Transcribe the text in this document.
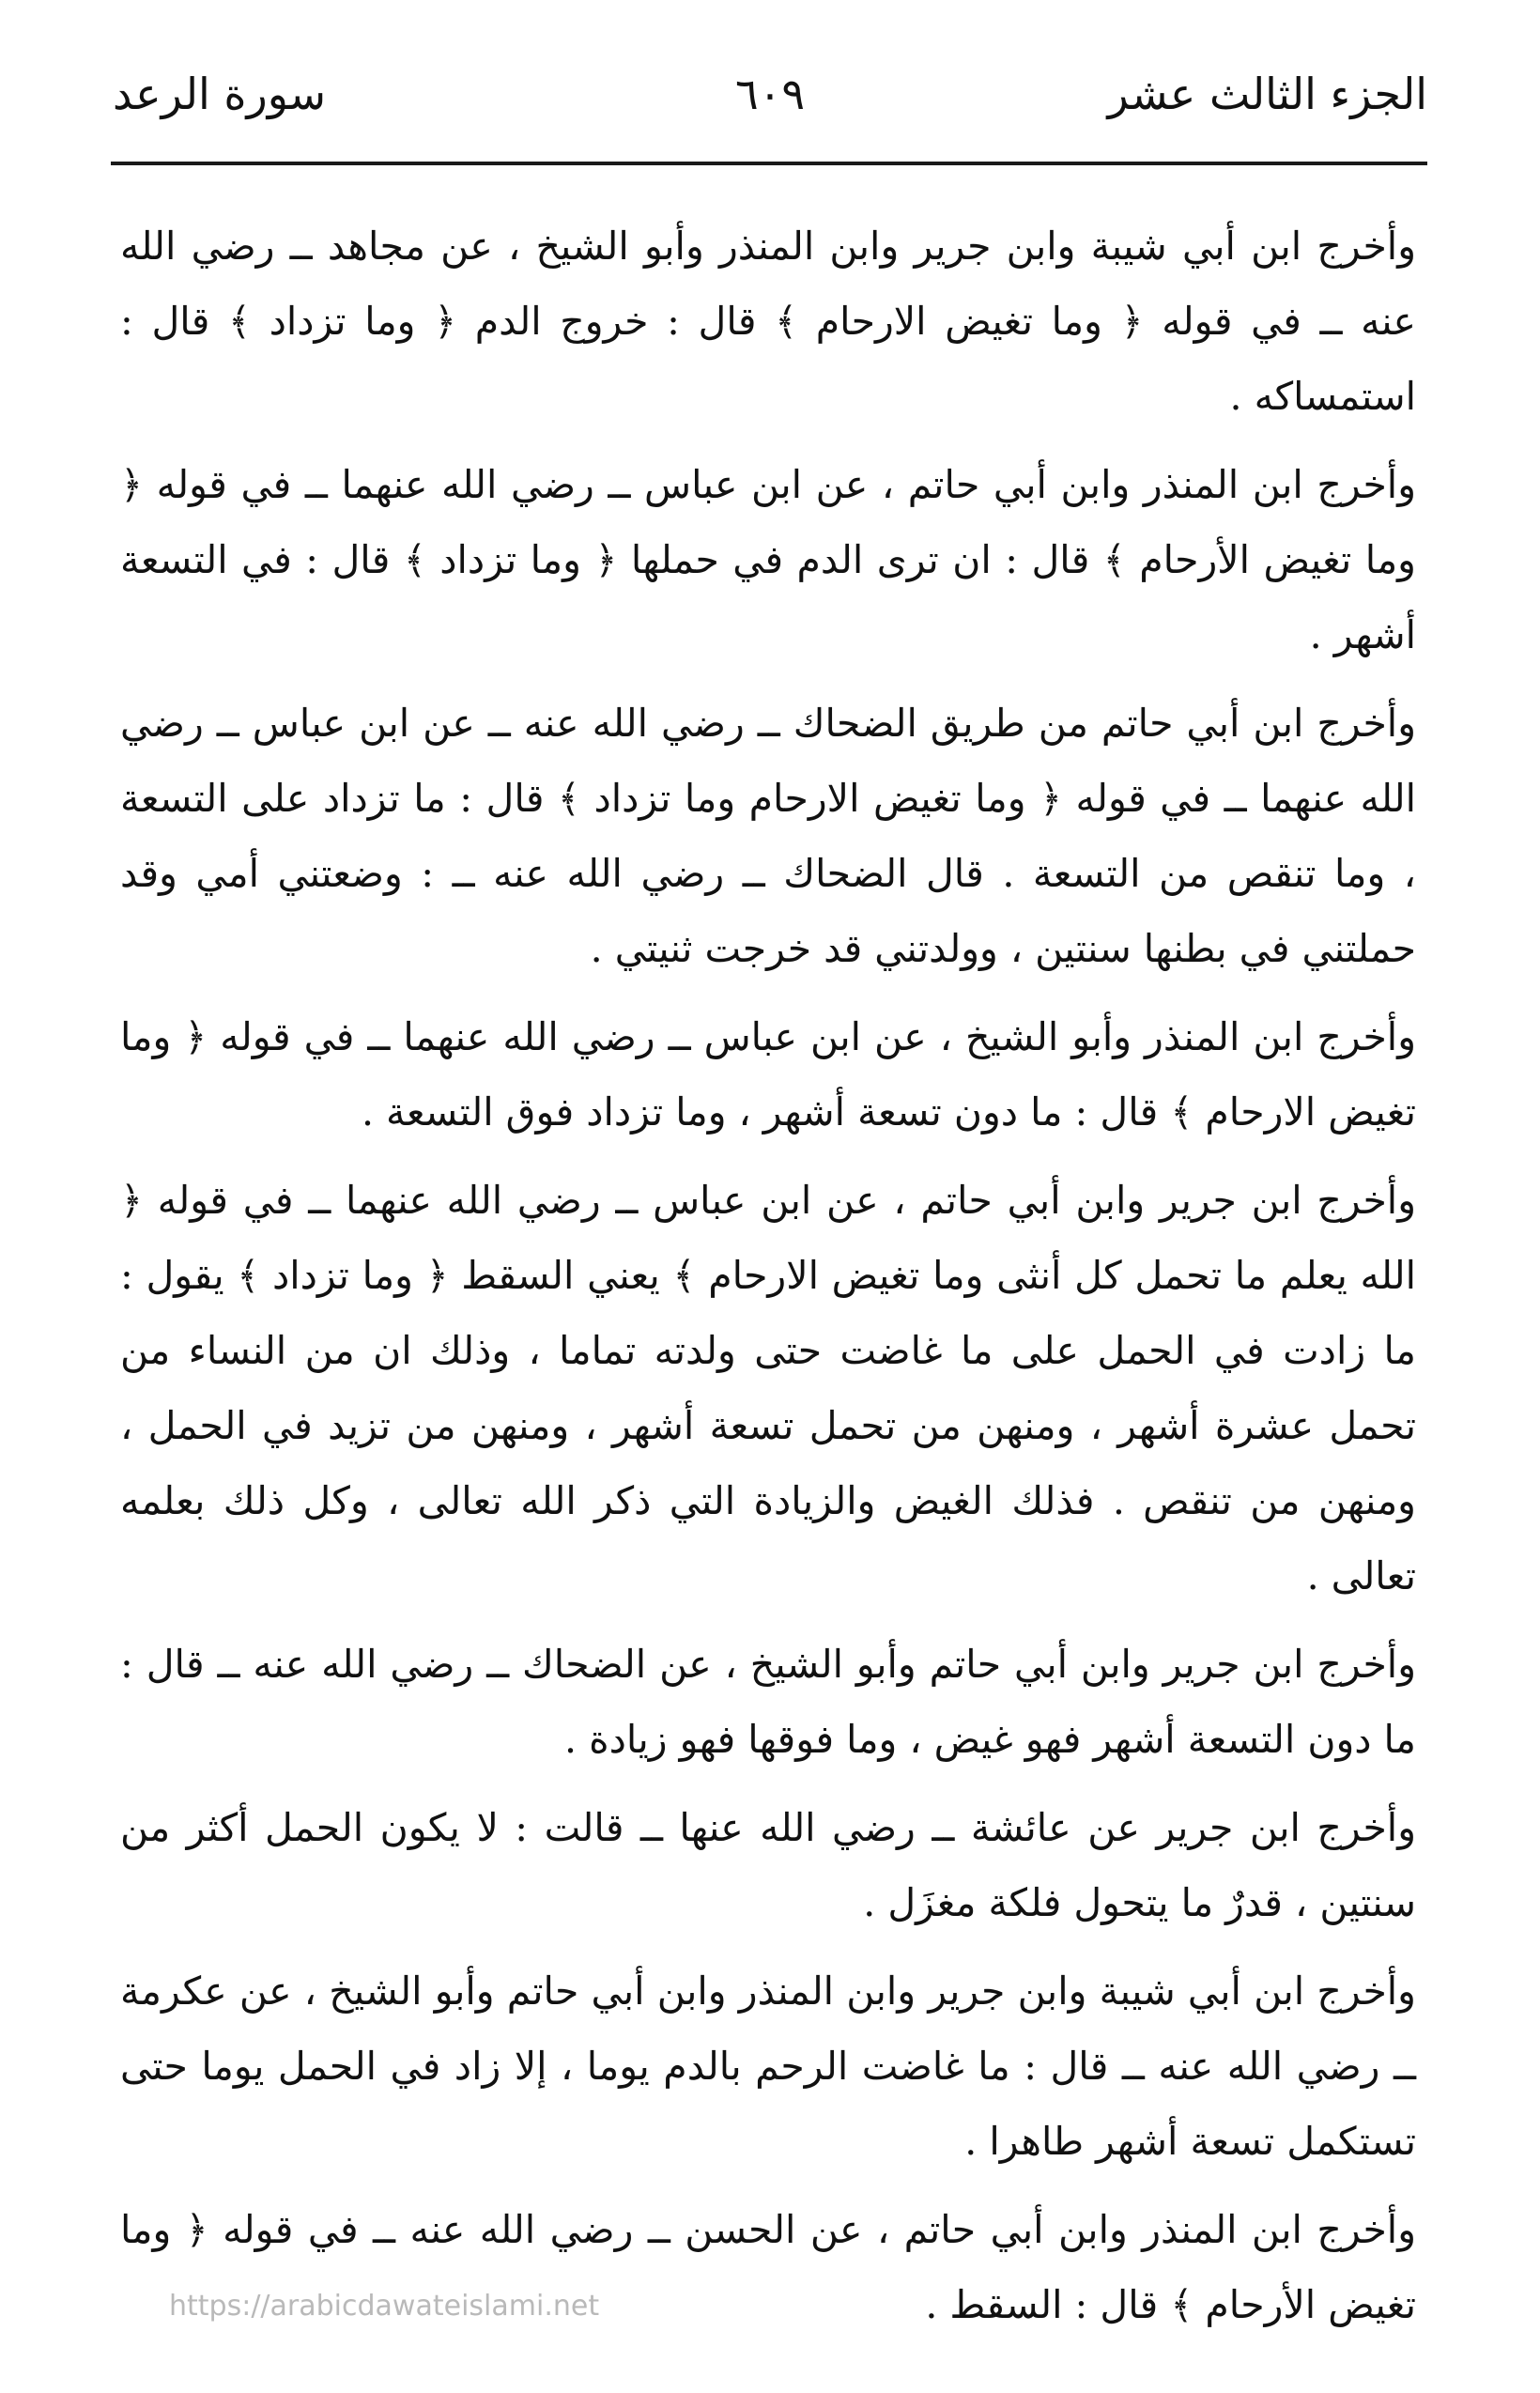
الجزء الثالث عشر
٦٠٩
سورة الرعد

وأخرج ابن أبي شيبة وابن جرير وابن المنذر وأبو الشيخ ، عن مجاهد ــ رضي الله عنه ــ في قوله ﴿ وما تغيض الارحام ﴾ قال : خروج الدم ﴿ وما تزداد ﴾ قال : استمساكه .

وأخرج ابن المنذر وابن أبي حاتم ، عن ابن عباس ــ رضي الله عنهما ــ في قوله ﴿ وما تغيض الأرحام ﴾ قال : ان ترى الدم في حملها ﴿ وما تزداد ﴾ قال : في التسعة أشهر .

وأخرج ابن أبي حاتم من طريق الضحاك ــ رضي الله عنه ــ عن ابن عباس ــ رضي الله عنهما ــ في قوله ﴿ وما تغيض الارحام وما تزداد ﴾ قال : ما تزداد على التسعة ، وما تنقص من التسعة . قال الضحاك ــ رضي الله عنه ــ : وضعتني أمي وقد حملتني في بطنها سنتين ، وولدتني قد خرجت ثنيتي .

وأخرج ابن المنذر وأبو الشيخ ، عن ابن عباس ــ رضي الله عنهما ــ في قوله ﴿ وما تغيض الارحام ﴾ قال : ما دون تسعة أشهر ، وما تزداد فوق التسعة .

وأخرج ابن جرير وابن أبي حاتم ، عن ابن عباس ــ رضي الله عنهما ــ في قوله ﴿ الله يعلم ما تحمل كل أنثى وما تغيض الارحام ﴾ يعني السقط ﴿ وما تزداد ﴾ يقول : ما زادت في الحمل على ما غاضت حتى ولدته تماما ، وذلك ان من النساء من تحمل عشرة أشهر ، ومنهن من تحمل تسعة أشهر ، ومنهن من تزيد في الحمل ، ومنهن من تنقص . فذلك الغيض والزيادة التي ذكر الله تعالى ، وكل ذلك بعلمه تعالى .

وأخرج ابن جرير وابن أبي حاتم وأبو الشيخ ، عن الضحاك ــ رضي الله عنه ــ قال : ما دون التسعة أشهر فهو غيض ، وما فوقها فهو زيادة .

وأخرج ابن جرير عن عائشة ــ رضي الله عنها ــ قالت : لا يكون الحمل أكثر من سنتين ، قدرٌ ما يتحول فلكة مغزَل .

وأخرج ابن أبي شيبة وابن جرير وابن المنذر وابن أبي حاتم وأبو الشيخ ، عن عكرمة ــ رضي الله عنه ــ قال : ما غاضت الرحم بالدم يوما ، إلا زاد في الحمل يوما حتى تستكمل تسعة أشهر طاهرا .

وأخرج ابن المنذر وابن أبي حاتم ، عن الحسن ــ رضي الله عنه ــ في قوله ﴿ وما تغيض الأرحام ﴾ قال : السقط .

https://arabicdawateislami.net
